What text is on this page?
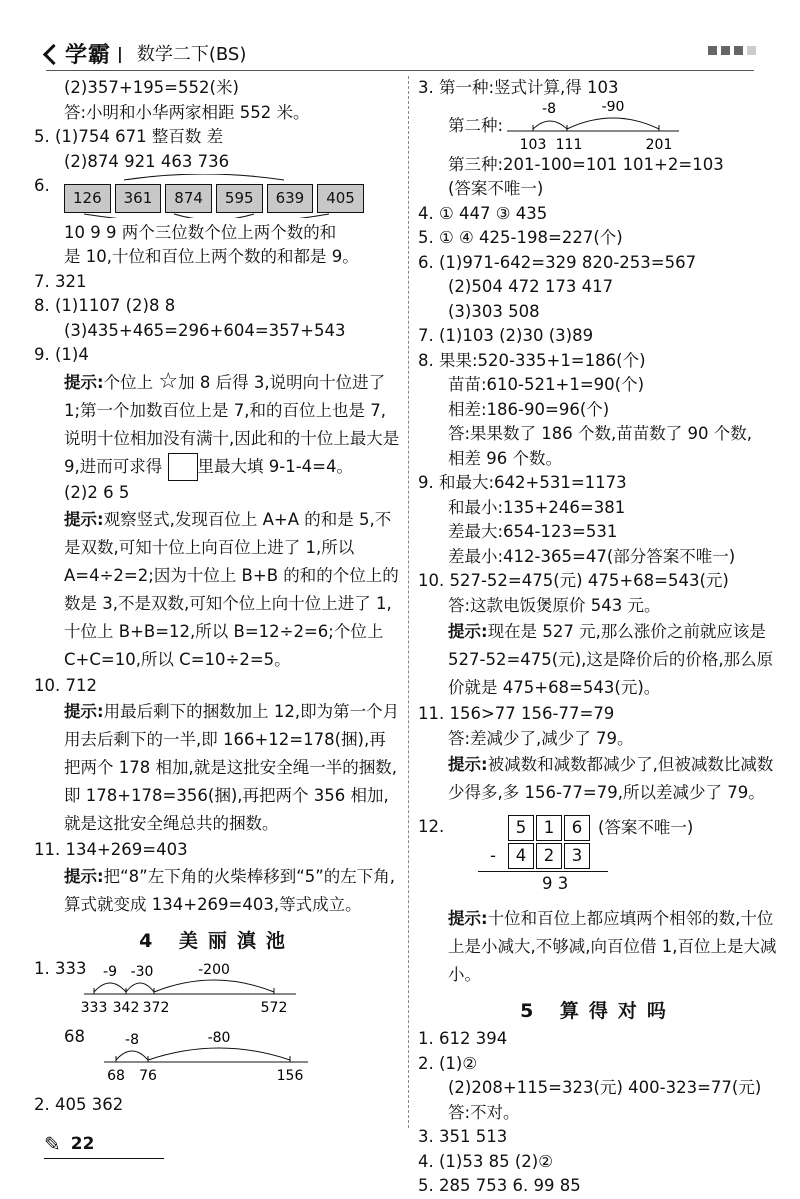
学霸 | 数学二下(BS)
(2)357+195=552(米)
答:小明和小华两家相距 552 米。
5. (1)754 671 整百数 差
(2)874 921 463 736
6.
126	361	874	595	639	405
10 9 9 两个三位数个位上两个数的和
是 10,十位和百位上两个数的和都是 9。
7. 321
8. (1)1107 (2)8 8
(3)435+465=296+604=357+543
9. (1)4
提示:个位上 ☆加 8 后得 3,说明向十位进了 1;第一个加数百位上是 7,和的百位上也是 7,说明十位相加没有满十,因此和的十位上最大是 9,进而可求得 里最大填 9-1-4=4。
(2)2 6 5
提示:观察竖式,发现百位上 A+A 的和是 5,不是双数,可知十位上向百位上进了 1,所以 A=4÷2=2;因为十位上 B+B 的和的个位上的数是 3,不是双数,可知个位上向十位上进了 1,十位上 B+B=12,所以 B=12÷2=6;个位上 C+C=10,所以 C=10÷2=5。
10. 712
提示:用最后剩下的捆数加上 12,即为第一个月用去后剩下的一半,即 166+12=178(捆),再把两个 178 相加,就是这批安全绳一半的捆数,即 178+178=356(捆),再把两个 356 相加,就是这批安全绳总共的捆数。
11. 134+269=403
提示:把“8”左下角的火柴棒移到“5”的左下角,算式就变成 134+269=403,等式成立。
4 美丽滇池
1. 333	-9 -30	-200
333 342 372	572
68	-8	-80
68 76	156
2. 405 362
3. 第一种:竖式计算,得 103
第二种:
-8	-90
103 111	201
第三种:201-100=101 101+2=103
(答案不唯一)
4. ① 447 ③ 435
5. ① ④ 425-198=227(个)
6. (1)971-642=329 820-253=567
(2)504 472 173 417
(3)303 508
7. (1)103 (2)30 (3)89
8. 果果:520-335+1=186(个)
苗苗:610-521+1=90(个)
相差:186-90=96(个)
答:果果数了 186 个数,苗苗数了 90 个数,
相差 96 个数。
9. 和最大:642+531=1173
和最小:135+246=381
差最大:654-123=531
差最小:412-365=47(部分答案不唯一)
10. 527-52=475(元) 475+68=543(元)
答:这款电饭煲原价 543 元。
提示:现在是 527 元,那么涨价之前就应该是 527-52=475(元),这是降价后的价格,那么原价就是 475+68=543(元)。
11. 156>77 156-77=79
答:差减少了,减少了 79。
提示:被减数和减数都减少了,但被减数比减数少得多,多 156-77=79,所以差减少了 79。
12.	5	1	6 (答案不唯一)
-	4	2	3
9 3
提示:十位和百位上都应填两个相邻的数,十位上是小减大,不够减,向百位借 1,百位上是大减小。
5 算得对吗
1. 612 394
2. (1)②
(2)208+115=323(元) 400-323=77(元)
答:不对。
3. 351 513
4. (1)53 85 (2)②
5. 285 753 6. 99 85
✎ 22
